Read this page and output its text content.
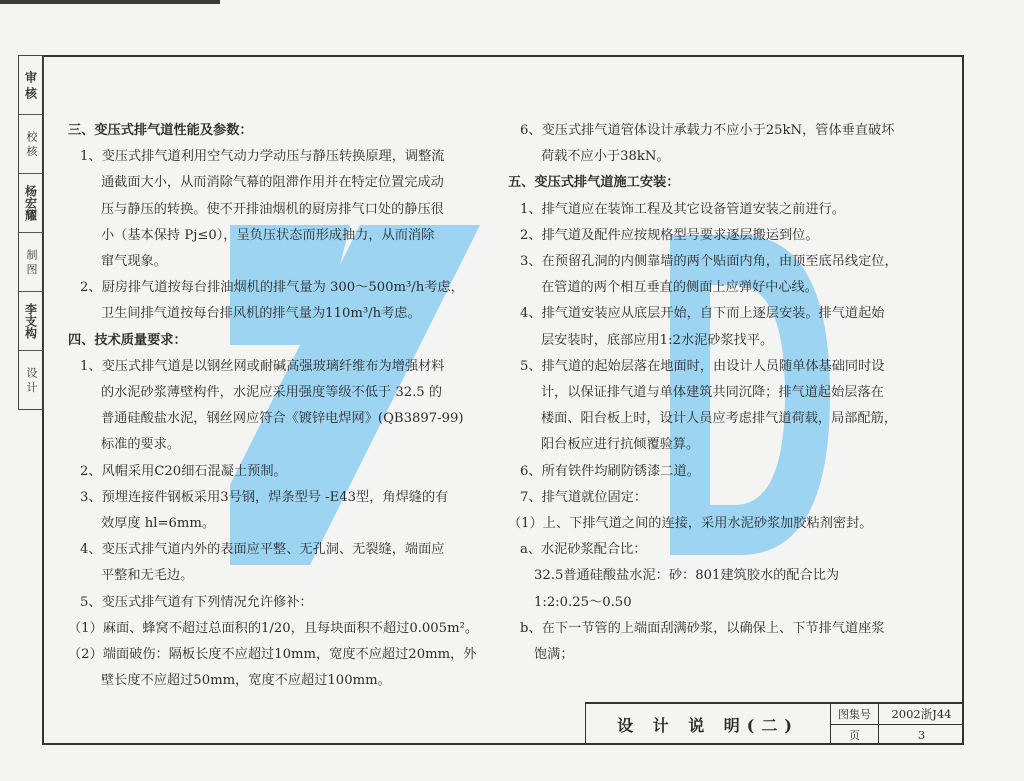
审 核
校 核
杨宏耀
制 图
李支构
设 计
三、变压式排气道性能及参数：
1、变压式排气道利用空气动力学动压与静压转换原理，调整流
通截面大小，从而消除气幕的阻滞作用并在特定位置完成动
压与静压的转换。使不开排油烟机的厨房排气口处的静压很
小（基本保持 Pj≤0），呈负压状态而形成抽力，从而消除
窜气现象。
2、厨房排气道按每台排油烟机的排气量为 300～500m³/h考虑，
卫生间排气道按每台排风机的排气量为110m³/h考虑。
四、技术质量要求：
1、变压式排气道是以钢丝网或耐碱高强玻璃纤维布为增强材料
的水泥砂浆薄壁构件，水泥应采用强度等级不低于 32.5 的
普通硅酸盐水泥，钢丝网应符合《镀锌电焊网》(QB3897-99)
标准的要求。
2、风帽采用C20细石混凝土预制。
3、预埋连接件钢板采用3号钢，焊条型号 -E43型，角焊缝的有
效厚度 hl=6mm。
4、变压式排气道内外的表面应平整、无孔洞、无裂缝，端面应
平整和无毛边。
5、变压式排气道有下列情况允许修补：
（1）麻面、蜂窝不超过总面积的1/20，且每块面积不超过0.005m²。
（2）端面破伤：隔板长度不应超过10mm，宽度不应超过20mm，外
壁长度不应超过50mm，宽度不应超过100mm。
6、变压式排气道管体设计承载力不应小于25kN，管体垂直破坏
荷载不应小于38kN。
五、变压式排气道施工安装：
1、排气道应在装饰工程及其它设备管道安装之前进行。
2、排气道及配件应按规格型号要求逐层搬运到位。
3、在预留孔洞的内侧靠墙的两个贴面内角，由顶至底吊线定位，
在管道的两个相互垂直的侧面上应弹好中心线。
4、排气道安装应从底层开始，自下而上逐层安装。排气道起始
层安装时，底部应用1:2水泥砂浆找平。
5、排气道的起始层落在地面时，由设计人员随单体基础同时设
计，以保证排气道与单体建筑共同沉降；排气道起始层落在
楼面、阳台板上时，设计人员应考虑排气道荷载，局部配筋，
阳台板应进行抗倾覆验算。
6、所有铁件均刷防锈漆二道。
7、排气道就位固定：
（1）上、下排气道之间的连接，采用水泥砂浆加胶粘剂密封。
a、水泥砂浆配合比：
32.5普通硅酸盐水泥：砂：801建筑胶水的配合比为
1:2:0.25～0.50
b、在下一节管的上端面刮满砂浆，以确保上、下节排气道座浆
饱满；
设 计 说 明(二)
图集号	2002浙J44
页	3
